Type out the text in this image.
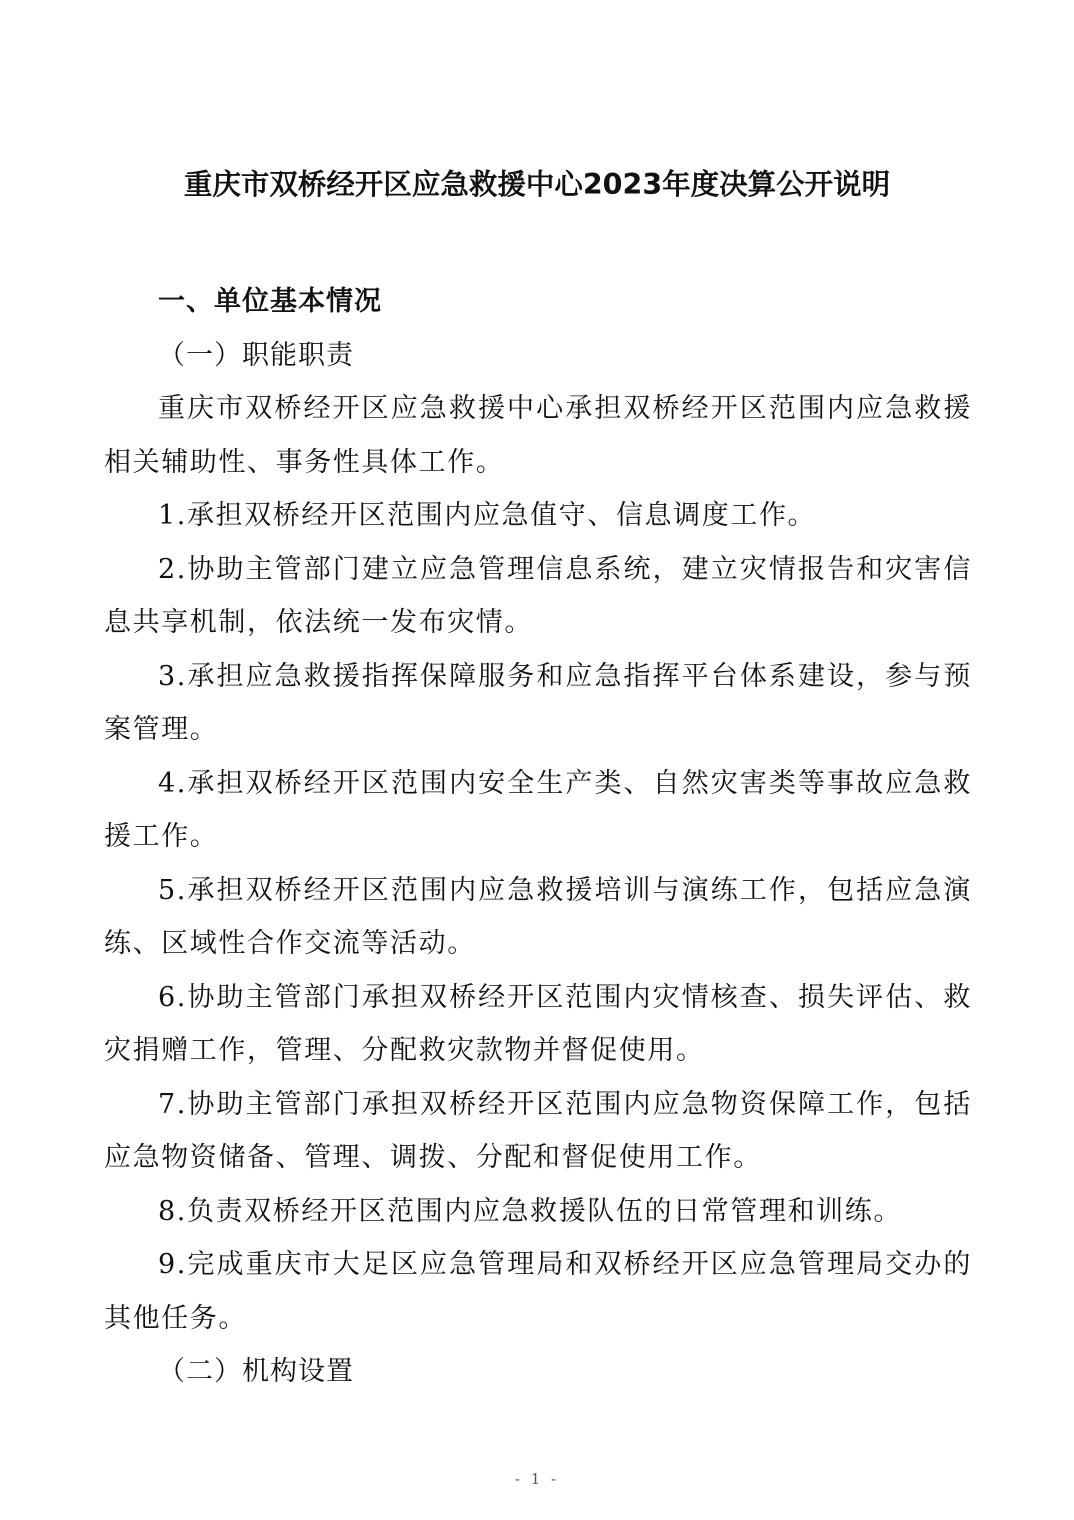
重庆市双桥经开区应急救援中心2023年度决算公开说明

一、单位基本情况

（一）职能职责

重庆市双桥经开区应急救援中心承担双桥经开区范围内应急救援相关辅助性、事务性具体工作。

1.承担双桥经开区范围内应急值守、信息调度工作。

2.协助主管部门建立应急管理信息系统，建立灾情报告和灾害信息共享机制，依法统一发布灾情。

3.承担应急救援指挥保障服务和应急指挥平台体系建设，参与预案管理。

4.承担双桥经开区范围内安全生产类、自然灾害类等事故应急救援工作。

5.承担双桥经开区范围内应急救援培训与演练工作，包括应急演练、区域性合作交流等活动。

6.协助主管部门承担双桥经开区范围内灾情核查、损失评估、救灾捐赠工作，管理、分配救灾款物并督促使用。

7.协助主管部门承担双桥经开区范围内应急物资保障工作，包括应急物资储备、管理、调拨、分配和督促使用工作。

8.负责双桥经开区范围内应急救援队伍的日常管理和训练。

9.完成重庆市大足区应急管理局和双桥经开区应急管理局交办的其他任务。

（二）机构设置

- 1 -
